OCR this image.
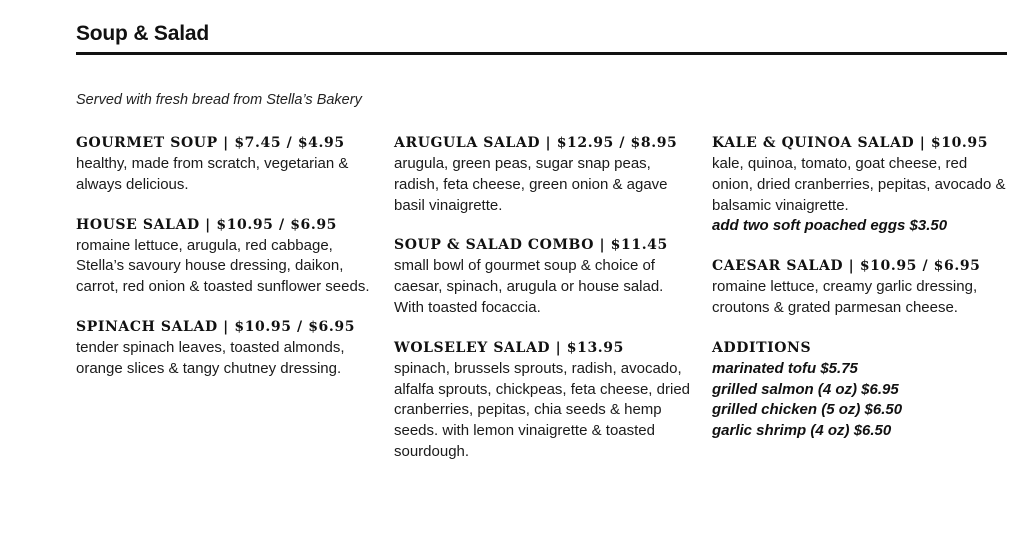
Soup & Salad
Served with fresh bread from Stella’s Bakery
GOURMET SOUP | $7.45 / $4.95
healthy, made from scratch, vegetarian & always delicious.
HOUSE SALAD | $10.95 / $6.95
romaine lettuce, arugula, red cabbage, Stella’s savoury house dressing, daikon, carrot, red onion & toasted sunflower seeds.
SPINACH SALAD | $10.95 / $6.95
tender spinach leaves, toasted almonds, orange slices & tangy chutney dressing.
ARUGULA SALAD | $12.95 / $8.95
arugula, green peas, sugar snap peas, radish, feta cheese, green onion & agave basil vinaigrette.
SOUP & SALAD COMBO | $11.45
small bowl of gourmet soup & choice of caesar, spinach, arugula or house salad. With toasted focaccia.
WOLSELEY SALAD | $13.95
spinach, brussels sprouts, radish, avocado, alfalfa sprouts, chickpeas, feta cheese, dried cranberries, pepitas, chia seeds & hemp seeds. with lemon vinaigrette & toasted sourdough.
KALE & QUINOA SALAD | $10.95
kale, quinoa, tomato, goat cheese, red onion, dried cranberries, pepitas, avocado & balsamic vinaigrette.
add two soft poached eggs $3.50
CAESAR SALAD | $10.95 / $6.95
romaine lettuce, creamy garlic dressing, croutons & grated parmesan cheese.
ADDITIONS
marinated tofu $5.75
grilled salmon (4 oz) $6.95
grilled chicken (5 oz) $6.50
garlic shrimp (4 oz) $6.50
